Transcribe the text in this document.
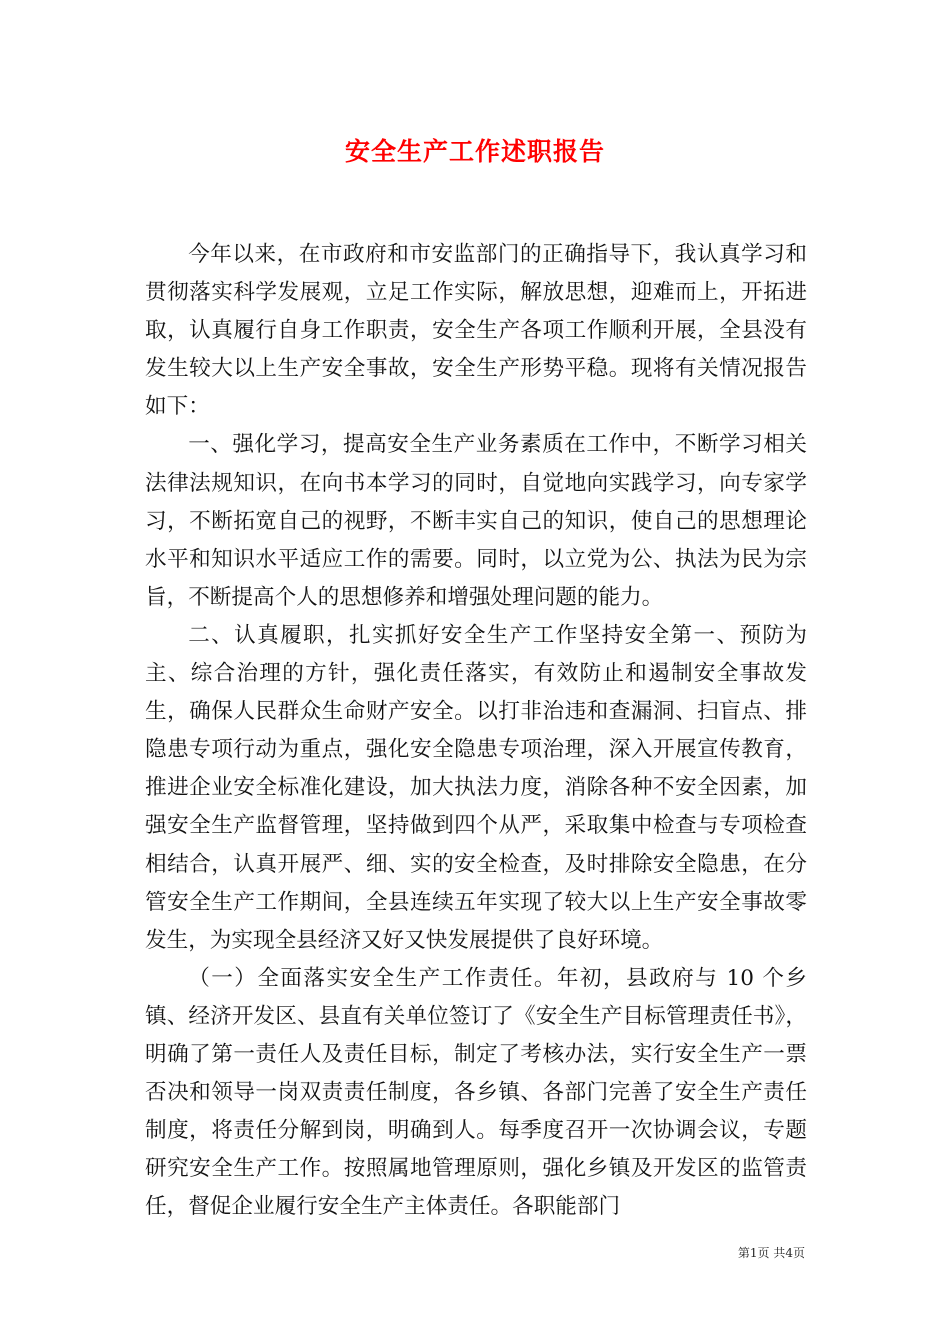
安全生产工作述职报告

今年以来，在市政府和市安监部门的正确指导下，我认真学习和贯彻落实科学发展观，立足工作实际，解放思想，迎难而上，开拓进取，认真履行自身工作职责，安全生产各项工作顺利开展，全县没有发生较大以上生产安全事故，安全生产形势平稳。现将有关情况报告如下：

一、强化学习，提高安全生产业务素质在工作中，不断学习相关法律法规知识，在向书本学习的同时，自觉地向实践学习，向专家学习，不断拓宽自己的视野，不断丰实自己的知识，使自己的思想理论水平和知识水平适应工作的需要。同时，以立党为公、执法为民为宗旨，不断提高个人的思想修养和增强处理问题的能力。

二、认真履职，扎实抓好安全生产工作坚持安全第一、预防为主、综合治理的方针，强化责任落实，有效防止和遏制安全事故发生，确保人民群众生命财产安全。以打非治违和查漏洞、扫盲点、排隐患专项行动为重点，强化安全隐患专项治理，深入开展宣传教育，推进企业安全标准化建设，加大执法力度，消除各种不安全因素，加强安全生产监督管理，坚持做到四个从严，采取集中检查与专项检查相结合，认真开展严、细、实的安全检查，及时排除安全隐患，在分管安全生产工作期间，全县连续五年实现了较大以上生产安全事故零发生，为实现全县经济又好又快发展提供了良好环境。

（一）全面落实安全生产工作责任。年初，县政府与 10 个乡镇、经济开发区、县直有关单位签订了《安全生产目标管理责任书》，明确了第一责任人及责任目标，制定了考核办法，实行安全生产一票否决和领导一岗双责责任制度，各乡镇、各部门完善了安全生产责任制度，将责任分解到岗，明确到人。每季度召开一次协调会议，专题研究安全生产工作。按照属地管理原则，强化乡镇及开发区的监管责任，督促企业履行安全生产主体责任。各职能部门

第1页 共4页
